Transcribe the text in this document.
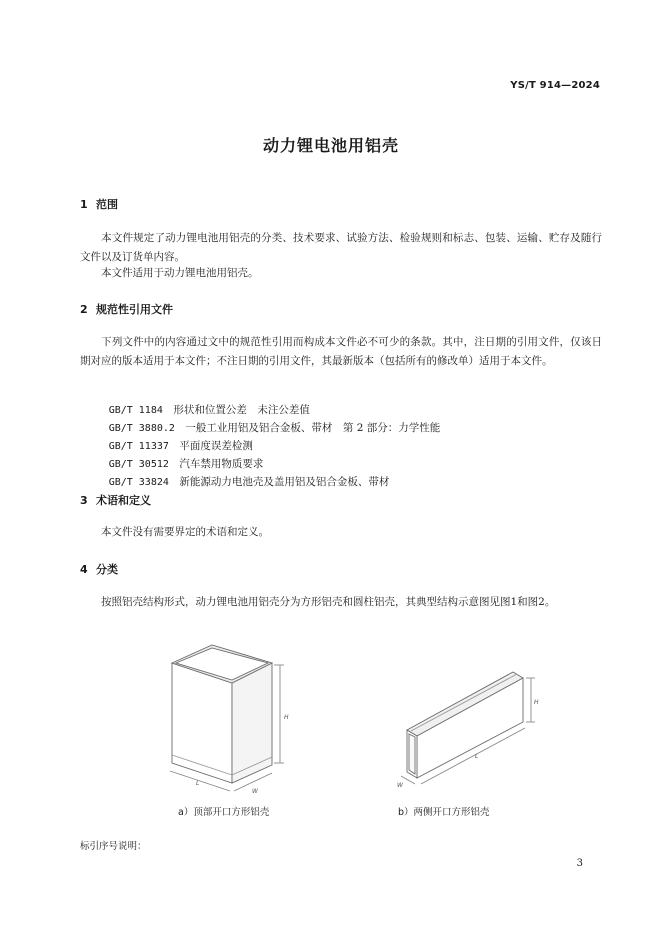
YS/T 914—2024
动力锂电池用铝壳
1 范围
本文件规定了动力锂电池用铝壳的分类、技术要求、试验方法、检验规则和标志、包装、运输、贮存及随行文件以及订货单内容。
本文件适用于动力锂电池用铝壳。
2 规范性引用文件
下列文件中的内容通过文中的规范性引用而构成本文件必不可少的条款。其中，注日期的引用文件，仅该日期对应的版本适用于本文件；不注日期的引用文件，其最新版本（包括所有的修改单）适用于本文件。

GB/T 1184　 形状和位置公差　未注公差值

GB/T 3880.2　 一般工业用铝及铝合金板、带材　第 2 部分：力学性能

GB/T 11337　 平面度误差检测

GB/T 30512　 汽车禁用物质要求

GB/T 33824　 新能源动力电池壳及盖用铝及铝合金板、带材

3 术语和定义
本文件没有需要界定的术语和定义。
4 分类
按照铝壳结构形式，动力锂电池用铝壳分为方形铝壳和圆柱铝壳，其典型结构示意图见图1和图2。
H
L
W
H
L
W
a）顶部开口方形铝壳	b）两侧开口方形铝壳
标引序号说明：
3
